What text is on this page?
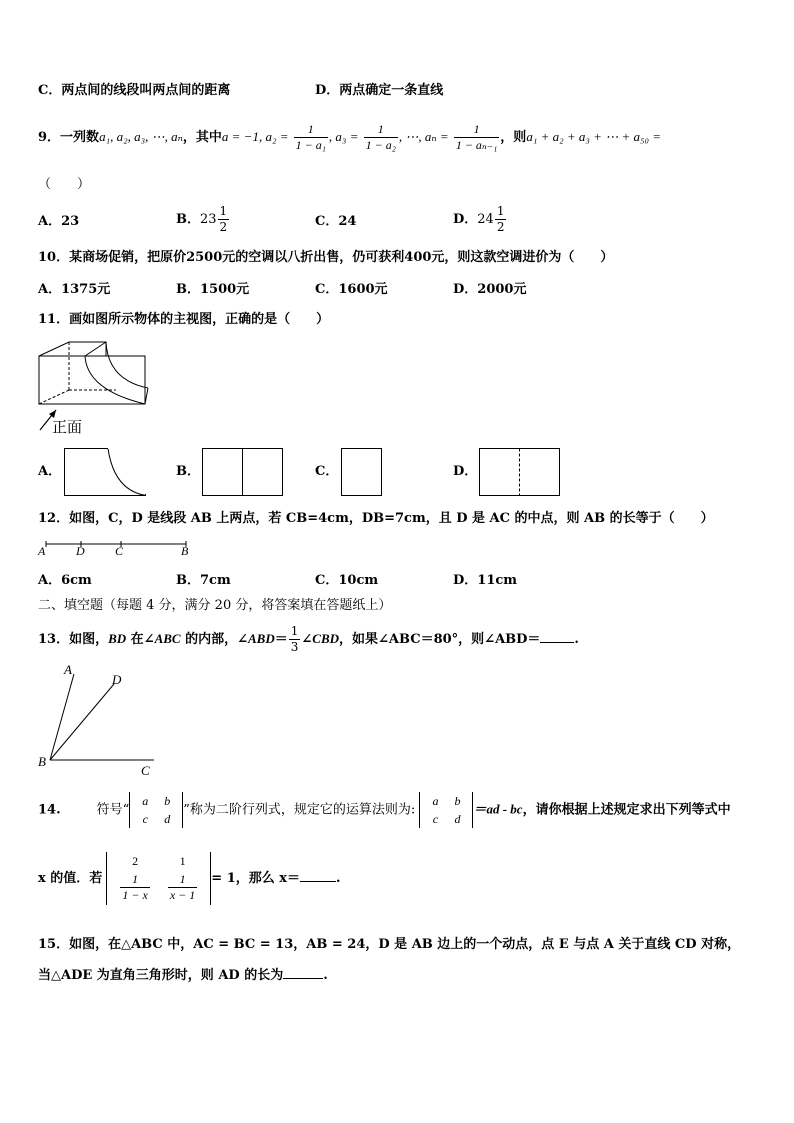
C．两点间的线段叫两点间的距离	D．两点确定一条直线
9．一列数a₁, a₂, a₃, ⋯, aₙ，其中a = −1, $a_2 = \frac{1}{\text{1 − a₁}}$ , $a_3 = \frac{1}{\text{1 − a₂}}$ , ⋯, $a_n = \frac{1}{\text{1 − aₙ₋₁}}$ ，则a₁ + a₂ + a₃ + ⋯ + a₅₀ =
（　　）
A．23	B．$23 \frac{1}{2}$	C．24	D．$24 \frac{1}{2}$
10．某商场促销，把原价2500元的空调以八折出售，仍可获利400元，则这款空调进价为（　　）
A．1375元	B．1500元	C．1600元	D．2000元
11．画如图所示物体的主视图，正确的是（　　）
正面
A．	B．	C．	D．
12．如图，C，D 是线段 AB 上两点，若 CB=4cm，DB=7cm，且 D 是 AC 的中点，则 AB 的长等于（　　）
A	D	C	B
A．6cm	B．7cm	C．10cm	D．11cm
二、填空题（每题 4 分，满分 20 分，将答案填在答题纸上）
13．如图，BD 在∠ABC 的内部，∠ABD＝ $\frac{1}{3}$ ∠CBD，如果∠ABC＝80°，则∠ABD＝	.
A
D
B
C
14.	符号“
a	b
c	d
”称为二阶行列式，规定它的运算法则为:
a	b
c	d
＝ad - bc，请你根据上述规定求出下列等式中
x 的值．若
2	1

$\frac{1}{1 - x}$	$\frac{1}{x - 1} = 1$，那么 x＝	.
15．如图，在△ABC 中，AC = BC = 13，AB = 24，D 是 AB 边上的一个动点，点 E 与点 A 关于直线 CD 对称，
当△ADE 为直角三角形时，则 AD 的长为	.
